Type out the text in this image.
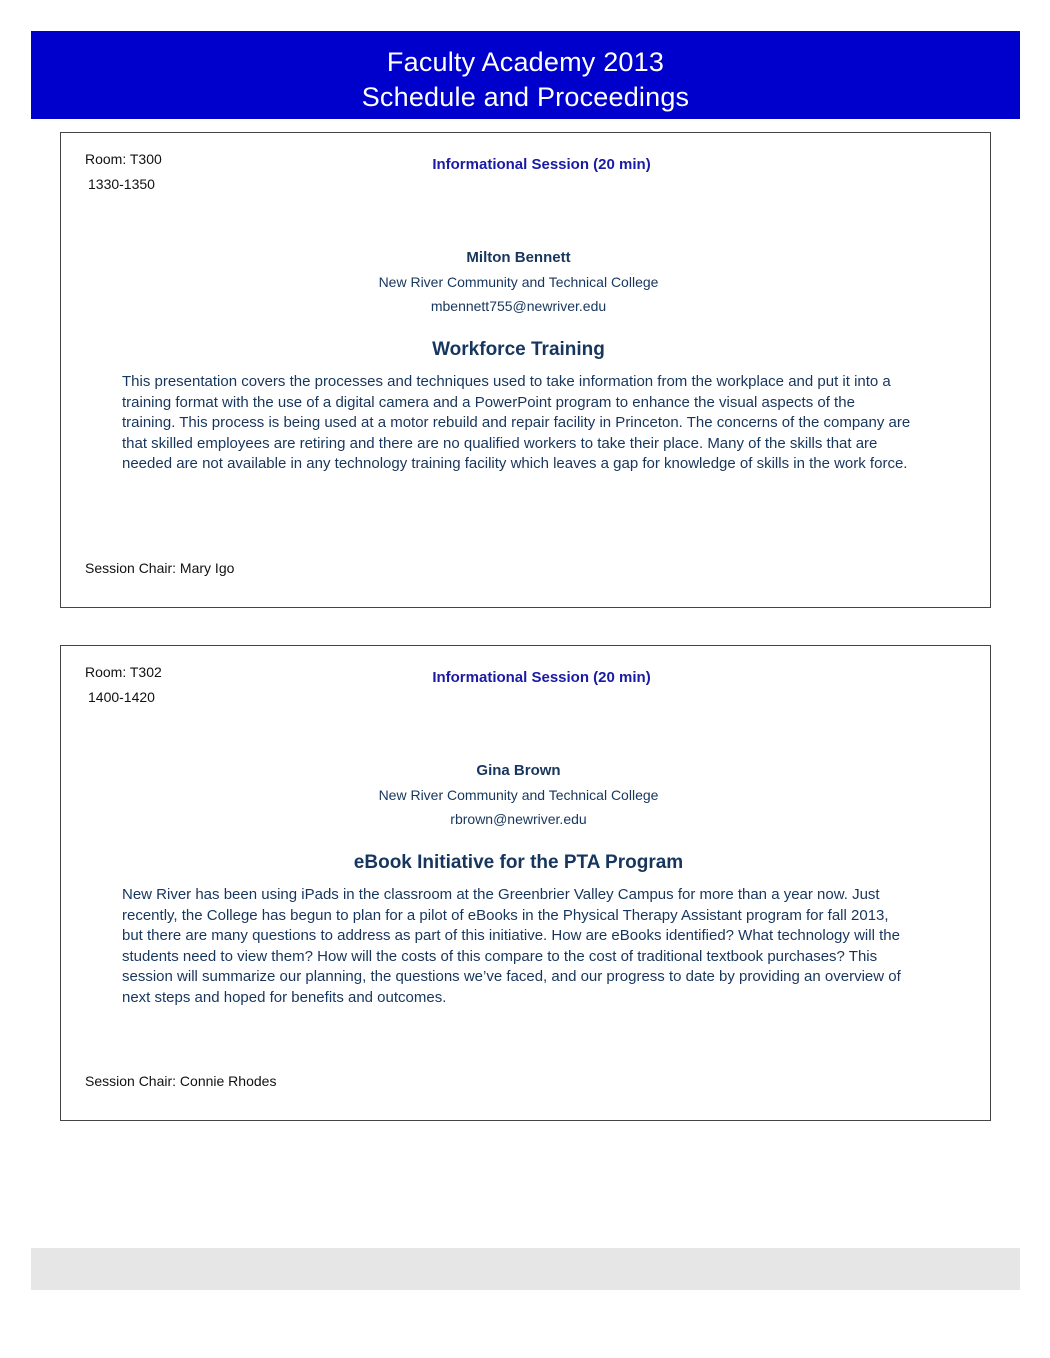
Faculty Academy 2013
Schedule and Proceedings
Room: T300
1330-1350
Informational Session (20 min)
Milton Bennett
New River Community and Technical College
mbennett755@newriver.edu
Workforce Training
This presentation covers the processes and techniques used to take information from the workplace and put it into a training format with the use of a digital camera and a PowerPoint program to enhance the visual aspects of the training. This process is being used at a motor rebuild and repair facility in Princeton. The concerns of the company are that skilled employees are retiring and there are no qualified workers to take their place. Many of the skills that are needed are not available in any technology training facility which leaves a gap for knowledge of skills in the work force.
Session Chair: Mary Igo
Room: T302
1400-1420
Informational Session (20 min)
Gina Brown
New River Community and Technical College
rbrown@newriver.edu
eBook Initiative for the PTA Program
New River has been using iPads in the classroom at the Greenbrier Valley Campus for more than a year now. Just recently, the College has begun to plan for a pilot of eBooks in the Physical Therapy Assistant program for fall 2013, but there are many questions to address as part of this initiative. How are eBooks identified? What technology will the students need to view them? How will the costs of this compare to the cost of traditional textbook purchases? This session will summarize our planning, the questions we’ve faced, and our progress to date by providing an overview of next steps and hoped for benefits and outcomes.
Session Chair: Connie Rhodes
